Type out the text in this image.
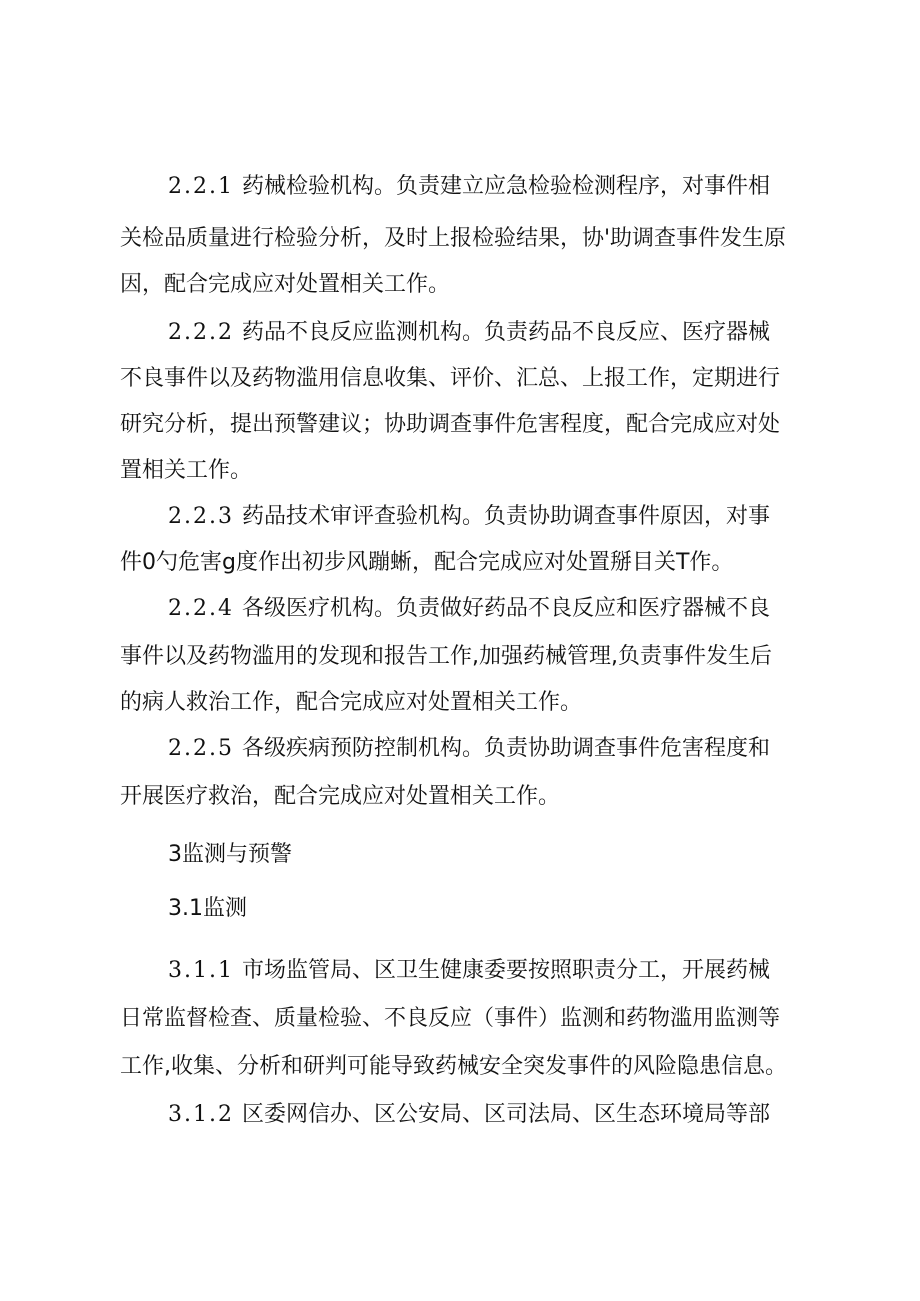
2.2.1 药械检验机构。负责建立应急检验检测程序，对事件相
关检品质量进行检验分析，及时上报检验结果，协'助调查事件发生原
因，配合完成应对处置相关工作。
2.2.2 药品不良反应监测机构。负责药品不良反应、医疗器械
不良事件以及药物滥用信息收集、评价、汇总、上报工作，定期进行
研究分析，提出预警建议；协助调查事件危害程度，配合完成应对处
置相关工作。
2.2.3 药品技术审评查验机构。负责协助调查事件原因，对事
件0勺危害g度作出初步风蹦蜥，配合完成应对处置掰目关T作。
2.2.4 各级医疗机构。负责做好药品不良反应和医疗器械不良
事件以及药物滥用的发现和报告工作,加强药械管理,负责事件发生后
的病人救治工作，配合完成应对处置相关工作。
2.2.5 各级疾病预防控制机构。负责协助调查事件危害程度和
开展医疗救治，配合完成应对处置相关工作。
3监测与预警
3.1监测
3.1.1 市场监管局、区卫生健康委要按照职责分工，开展药械
日常监督检查、质量检验、不良反应（事件）监测和药物滥用监测等
工作,收集、分析和研判可能导致药械安全突发事件的风险隐患信息。
3.1.2 区委网信办、区公安局、区司法局、区生态环境局等部
